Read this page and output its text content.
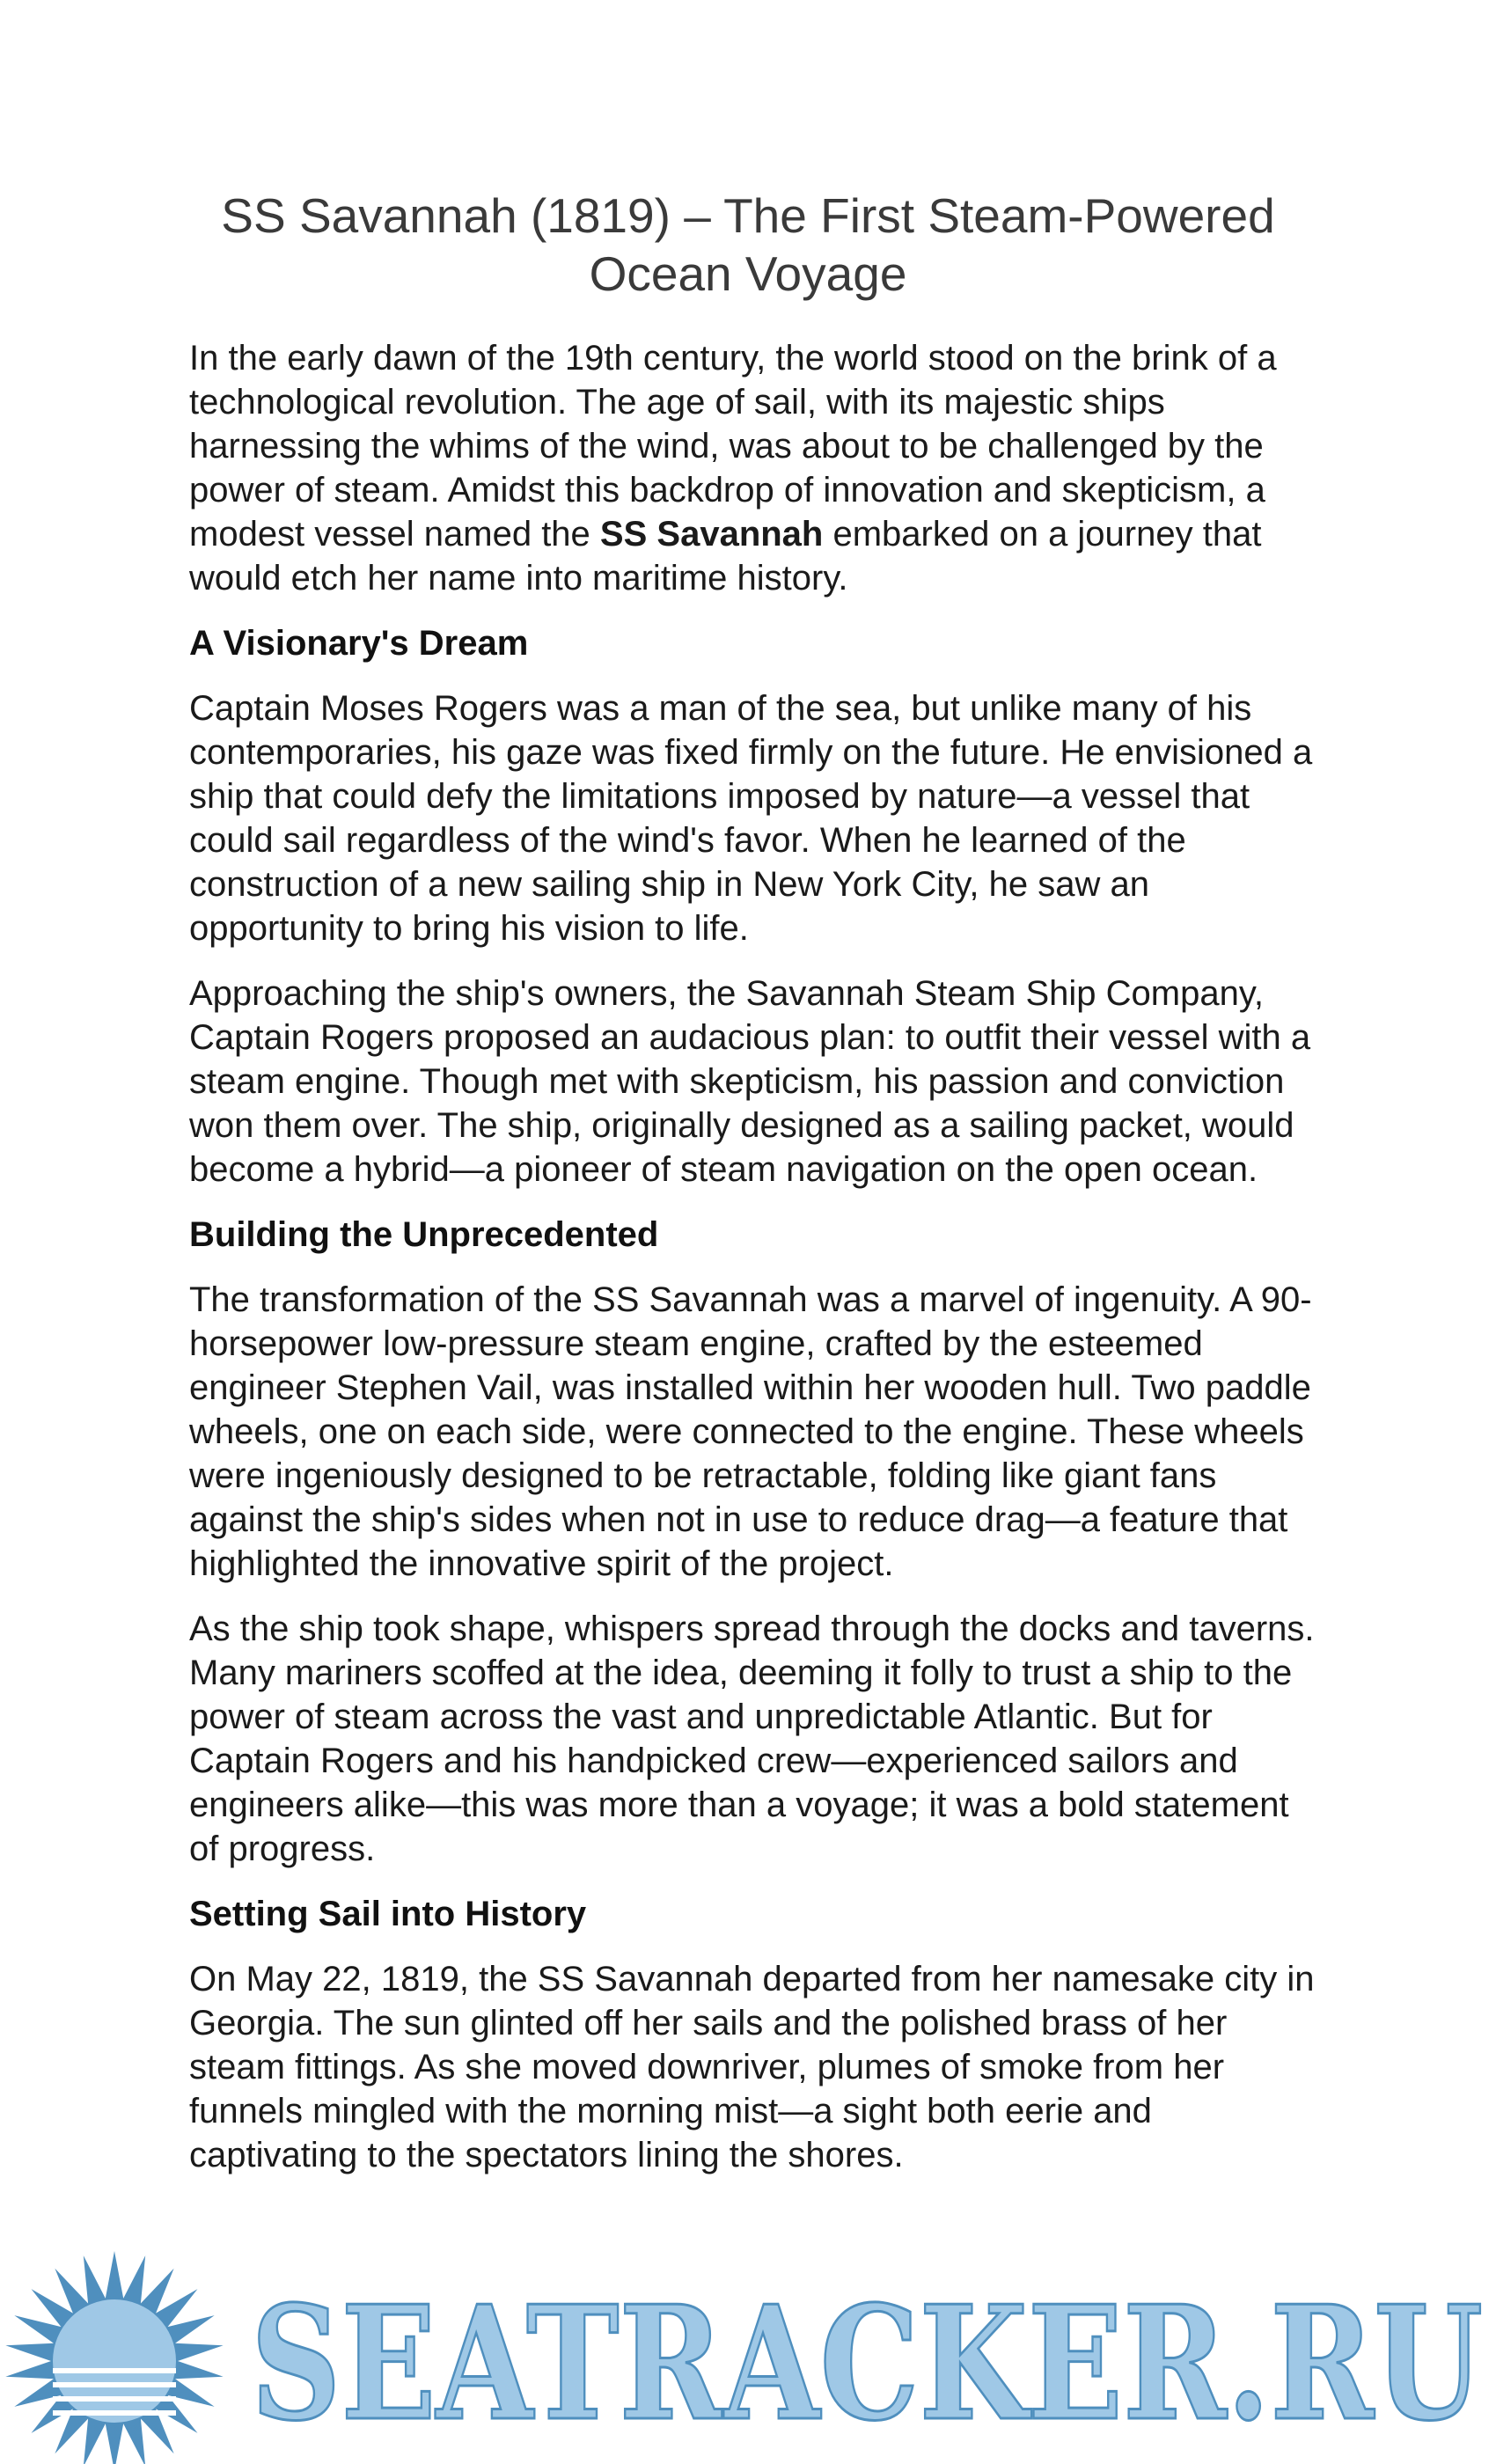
SS Savannah (1819) – The First Steam-Powered
Ocean Voyage

In the early dawn of the 19th century, the world stood on the brink of a technological revolution. The age of sail, with its majestic ships harnessing the whims of the wind, was about to be challenged by the power of steam. Amidst this backdrop of innovation and skepticism, a modest vessel named the SS Savannah embarked on a journey that would etch her name into maritime history.

A Visionary's Dream

Captain Moses Rogers was a man of the sea, but unlike many of his contemporaries, his gaze was fixed firmly on the future. He envisioned a ship that could defy the limitations imposed by nature—a vessel that could sail regardless of the wind's favor. When he learned of the construction of a new sailing ship in New York City, he saw an opportunity to bring his vision to life.

Approaching the ship's owners, the Savannah Steam Ship Company, Captain Rogers proposed an audacious plan: to outfit their vessel with a steam engine. Though met with skepticism, his passion and conviction won them over. The ship, originally designed as a sailing packet, would become a hybrid—a pioneer of steam navigation on the open ocean.

Building the Unprecedented

The transformation of the SS Savannah was a marvel of ingenuity. A 90-horsepower low-pressure steam engine, crafted by the esteemed engineer Stephen Vail, was installed within her wooden hull. Two paddle wheels, one on each side, were connected to the engine. These wheels were ingeniously designed to be retractable, folding like giant fans against the ship's sides when not in use to reduce drag—a feature that highlighted the innovative spirit of the project.

As the ship took shape, whispers spread through the docks and taverns. Many mariners scoffed at the idea, deeming it folly to trust a ship to the power of steam across the vast and unpredictable Atlantic. But for Captain Rogers and his handpicked crew—experienced sailors and engineers alike—this was more than a voyage; it was a bold statement of progress.

Setting Sail into History

On May 22, 1819, the SS Savannah departed from her namesake city in Georgia. The sun glinted off her sails and the polished brass of her steam fittings. As she moved downriver, plumes of smoke from her funnels mingled with the morning mist—a sight both eerie and captivating to the spectators lining the shores.

SEATRACKER.RU
